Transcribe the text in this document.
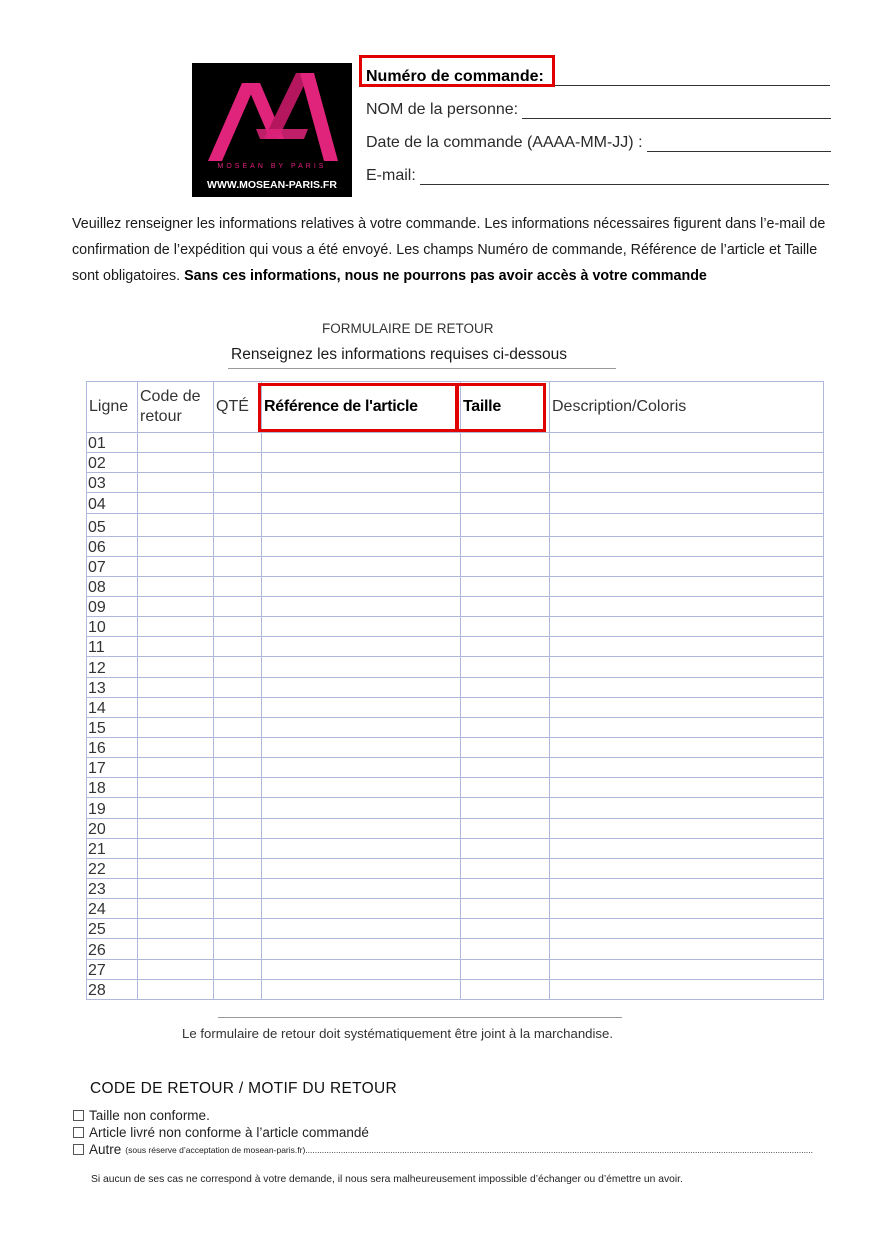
MOSEAN BY PARIS
WWW.MOSEAN-PARIS.FR
Numéro de commande:
NOM de la personne:
Date de la commande (AAAA-MM-JJ) :
E-mail:
Veuillez renseigner les informations relatives à votre commande. Les informations nécessaires figurent dans l’e-mail de confirmation de l’expédition qui vous a été envoyé. Les champs Numéro de commande, Référence de l’article et Taille sont obligatoires. Sans ces informations, nous ne pourrons pas avoir accès à votre commande
FORMULAIRE DE RETOUR
Renseignez les informations requises ci-dessous
Ligne	Code de retour	QTÉ	Référence de l'article	Taille	Description/Coloris
01					
02					
03					
04					
05					
06					
07					
08					
09					
10					
11					
12					
13					
14					
15					
16					
17					
18					
19					
20					
21					
22					
23					
24					
25					
26					
27					
28					
Le formulaire de retour doit systématiquement être joint à la marchandise.
CODE DE RETOUR / MOTIF DU RETOUR
Taille non conforme.
Article livré non conforme à l’article commandé
Autre (sous réserve d’acceptation de mosean-paris.fr) .......................................................................................................................................................................................................................
Si aucun de ses cas ne correspond à votre demande, il nous sera malheureusement impossible d’échanger ou d’émettre un avoir.
